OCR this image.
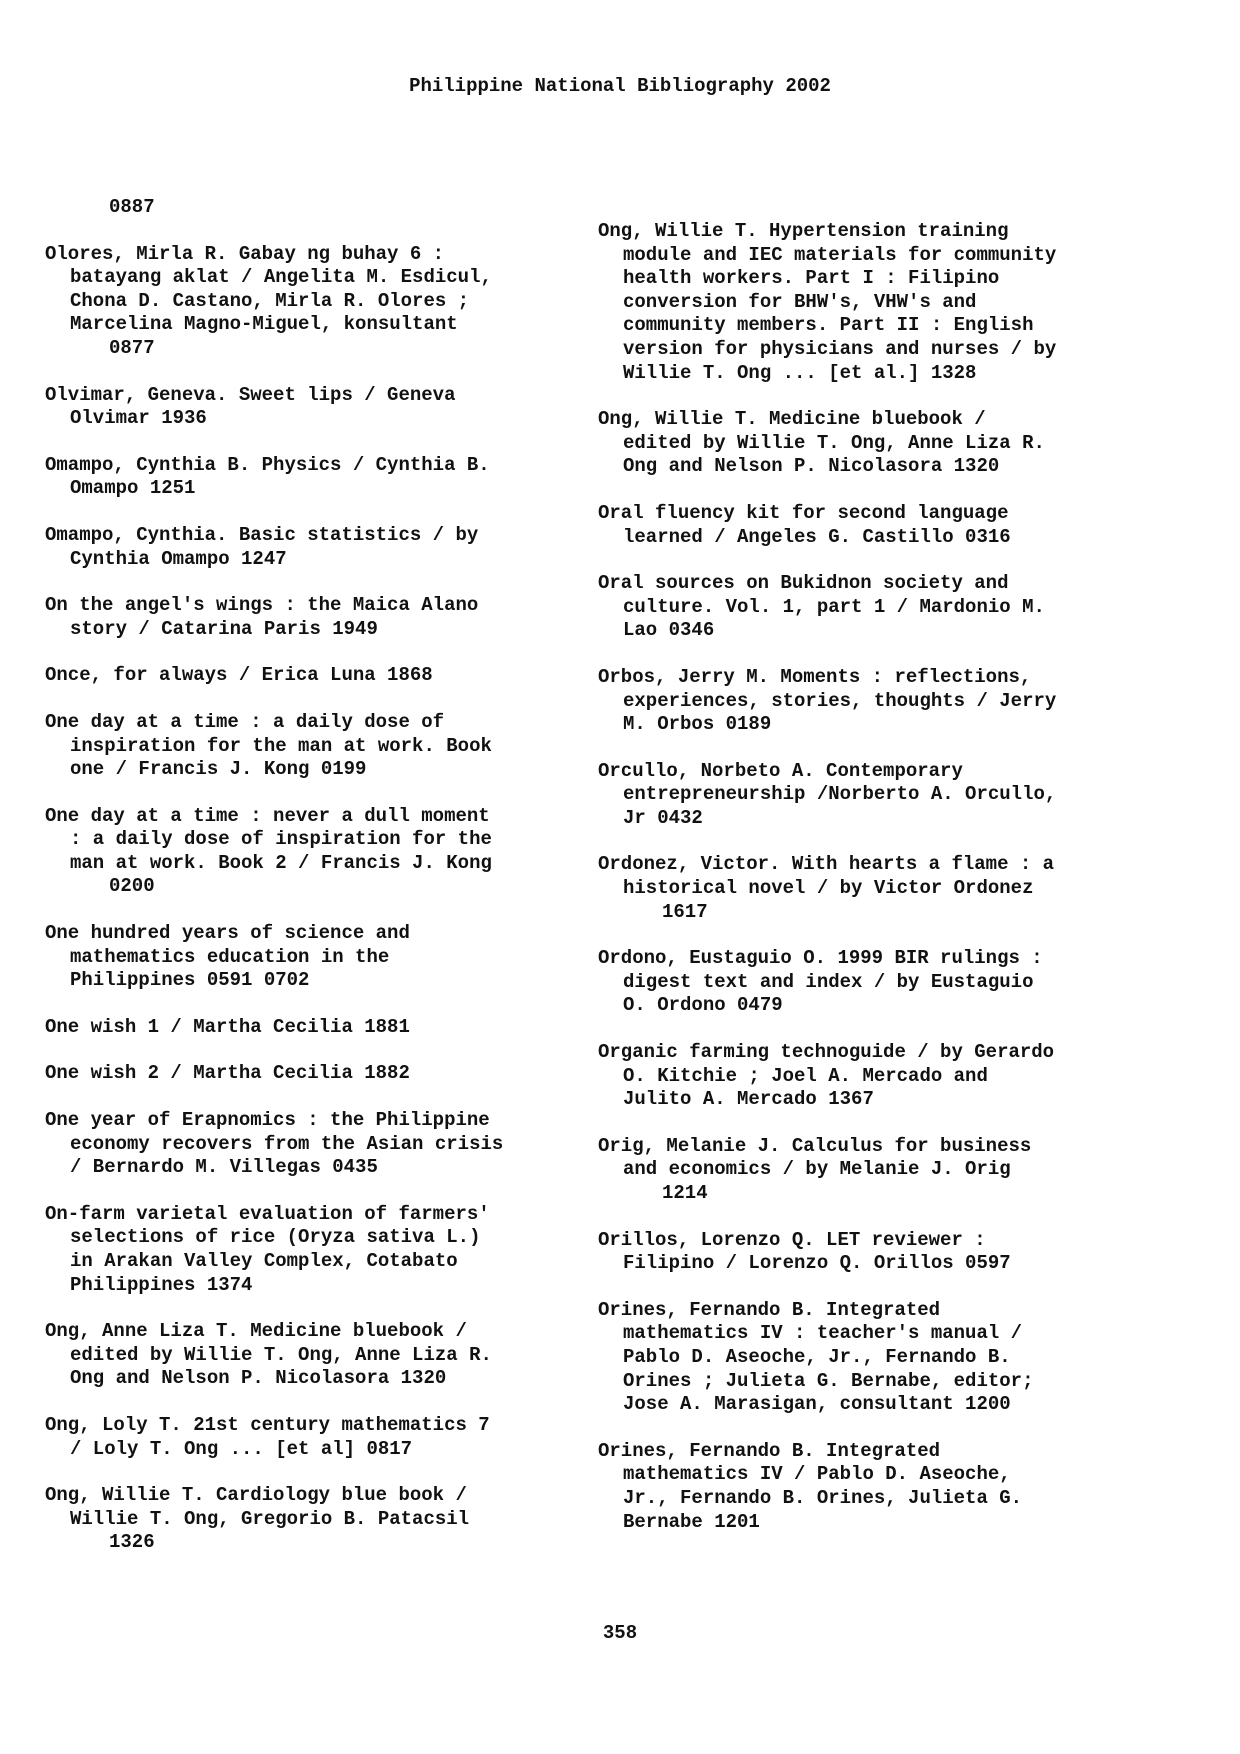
Philippine National Bibliography 2002
0887
Olores, Mirla R. Gabay ng buhay 6 :
batayang aklat / Angelita M. Esdicul,
Chona D. Castano, Mirla R. Olores ;
Marcelina Magno-Miguel, konsultant
0877
Olvimar, Geneva. Sweet lips / Geneva
Olvimar 1936
Omampo, Cynthia B. Physics / Cynthia B.
Omampo 1251
Omampo, Cynthia. Basic statistics / by
Cynthia Omampo 1247
On the angel's wings : the Maica Alano
story / Catarina Paris 1949
Once, for always / Erica Luna 1868
One day at a time : a daily dose of
inspiration for the man at work. Book
one / Francis J. Kong 0199
One day at a time : never a dull moment
: a daily dose of inspiration for the
man at work. Book 2 / Francis J. Kong
0200
One hundred years of science and
mathematics education in the
Philippines 0591 0702
One wish 1 / Martha Cecilia 1881
One wish 2 / Martha Cecilia 1882
One year of Erapnomics : the Philippine
economy recovers from the Asian crisis
/ Bernardo M. Villegas 0435
On-farm varietal evaluation of farmers'
selections of rice (Oryza sativa L.)
in Arakan Valley Complex, Cotabato
Philippines 1374
Ong, Anne Liza T. Medicine bluebook /
edited by Willie T. Ong, Anne Liza R.
Ong and Nelson P. Nicolasora 1320
Ong, Loly T. 21st century mathematics 7
/ Loly T. Ong ... [et al] 0817
Ong, Willie T. Cardiology blue book /
Willie T. Ong, Gregorio B. Patacsil
1326
Ong, Willie T. Hypertension training
module and IEC materials for community
health workers. Part I : Filipino
conversion for BHW's, VHW's and
community members. Part II : English
version for physicians and nurses / by
Willie T. Ong ... [et al.] 1328
Ong, Willie T. Medicine bluebook /
edited by Willie T. Ong, Anne Liza R.
Ong and Nelson P. Nicolasora 1320
Oral fluency kit for second language
learned / Angeles G. Castillo 0316
Oral sources on Bukidnon society and
culture. Vol. 1, part 1 / Mardonio M.
Lao 0346
Orbos, Jerry M. Moments : reflections,
experiences, stories, thoughts / Jerry
M. Orbos 0189
Orcullo, Norbeto A. Contemporary
entrepreneurship /Norberto A. Orcullo,
Jr 0432
Ordonez, Victor. With hearts a flame : a
historical novel / by Victor Ordonez
1617
Ordono, Eustaguio O. 1999 BIR rulings :
digest text and index / by Eustaguio
O. Ordono 0479
Organic farming technoguide / by Gerardo
O. Kitchie ; Joel A. Mercado and
Julito A. Mercado 1367
Orig, Melanie J. Calculus for business
and economics / by Melanie J. Orig
1214
Orillos, Lorenzo Q. LET reviewer :
Filipino / Lorenzo Q. Orillos 0597
Orines, Fernando B. Integrated
mathematics IV : teacher's manual /
Pablo D. Aseoche, Jr., Fernando B.
Orines ; Julieta G. Bernabe, editor;
Jose A. Marasigan, consultant 1200
Orines, Fernando B. Integrated
mathematics IV / Pablo D. Aseoche,
Jr., Fernando B. Orines, Julieta G.
Bernabe 1201
358
